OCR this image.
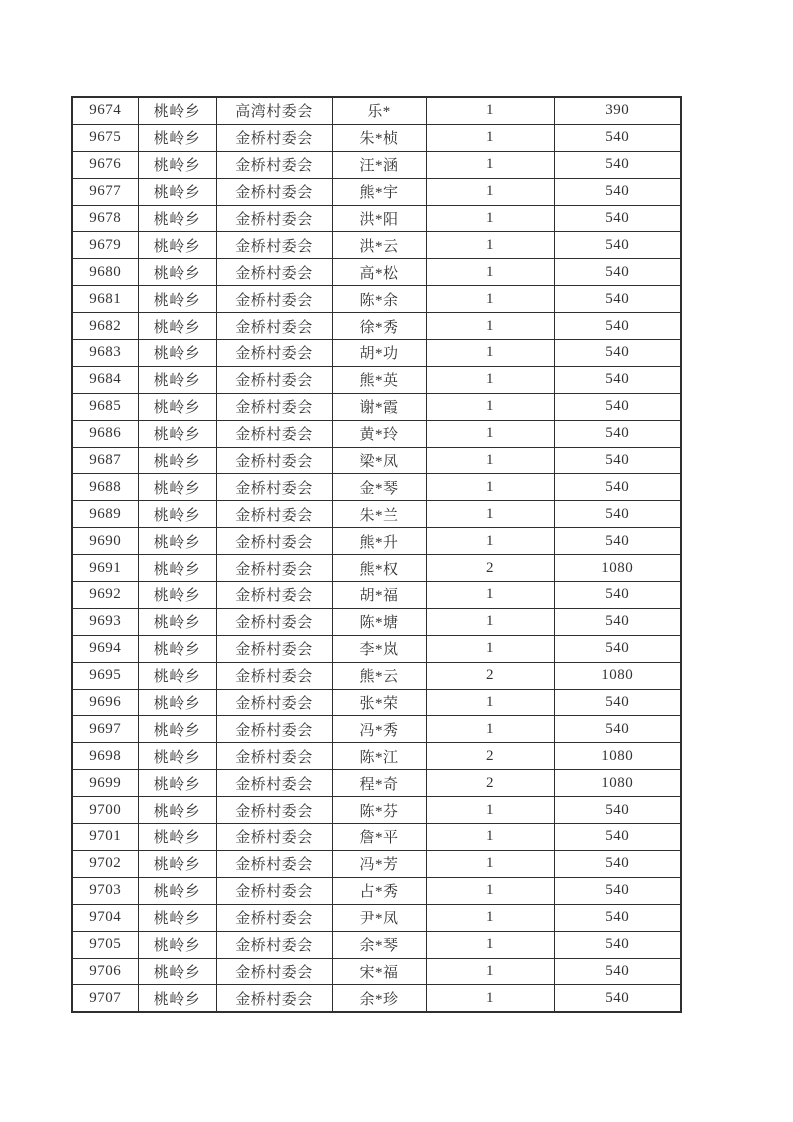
9674	桃岭乡	高湾村委会	乐*	1	390
9675	桃岭乡	金桥村委会	朱*桢	1	540
9676	桃岭乡	金桥村委会	汪*涵	1	540
9677	桃岭乡	金桥村委会	熊*宇	1	540
9678	桃岭乡	金桥村委会	洪*阳	1	540
9679	桃岭乡	金桥村委会	洪*云	1	540
9680	桃岭乡	金桥村委会	高*松	1	540
9681	桃岭乡	金桥村委会	陈*余	1	540
9682	桃岭乡	金桥村委会	徐*秀	1	540
9683	桃岭乡	金桥村委会	胡*功	1	540
9684	桃岭乡	金桥村委会	熊*英	1	540
9685	桃岭乡	金桥村委会	谢*霞	1	540
9686	桃岭乡	金桥村委会	黄*玲	1	540
9687	桃岭乡	金桥村委会	梁*凤	1	540
9688	桃岭乡	金桥村委会	金*琴	1	540
9689	桃岭乡	金桥村委会	朱*兰	1	540
9690	桃岭乡	金桥村委会	熊*升	1	540
9691	桃岭乡	金桥村委会	熊*权	2	1080
9692	桃岭乡	金桥村委会	胡*福	1	540
9693	桃岭乡	金桥村委会	陈*塘	1	540
9694	桃岭乡	金桥村委会	李*岚	1	540
9695	桃岭乡	金桥村委会	熊*云	2	1080
9696	桃岭乡	金桥村委会	张*荣	1	540
9697	桃岭乡	金桥村委会	冯*秀	1	540
9698	桃岭乡	金桥村委会	陈*江	2	1080
9699	桃岭乡	金桥村委会	程*奇	2	1080
9700	桃岭乡	金桥村委会	陈*芬	1	540
9701	桃岭乡	金桥村委会	詹*平	1	540
9702	桃岭乡	金桥村委会	冯*芳	1	540
9703	桃岭乡	金桥村委会	占*秀	1	540
9704	桃岭乡	金桥村委会	尹*凤	1	540
9705	桃岭乡	金桥村委会	余*琴	1	540
9706	桃岭乡	金桥村委会	宋*福	1	540
9707	桃岭乡	金桥村委会	余*珍	1	540
